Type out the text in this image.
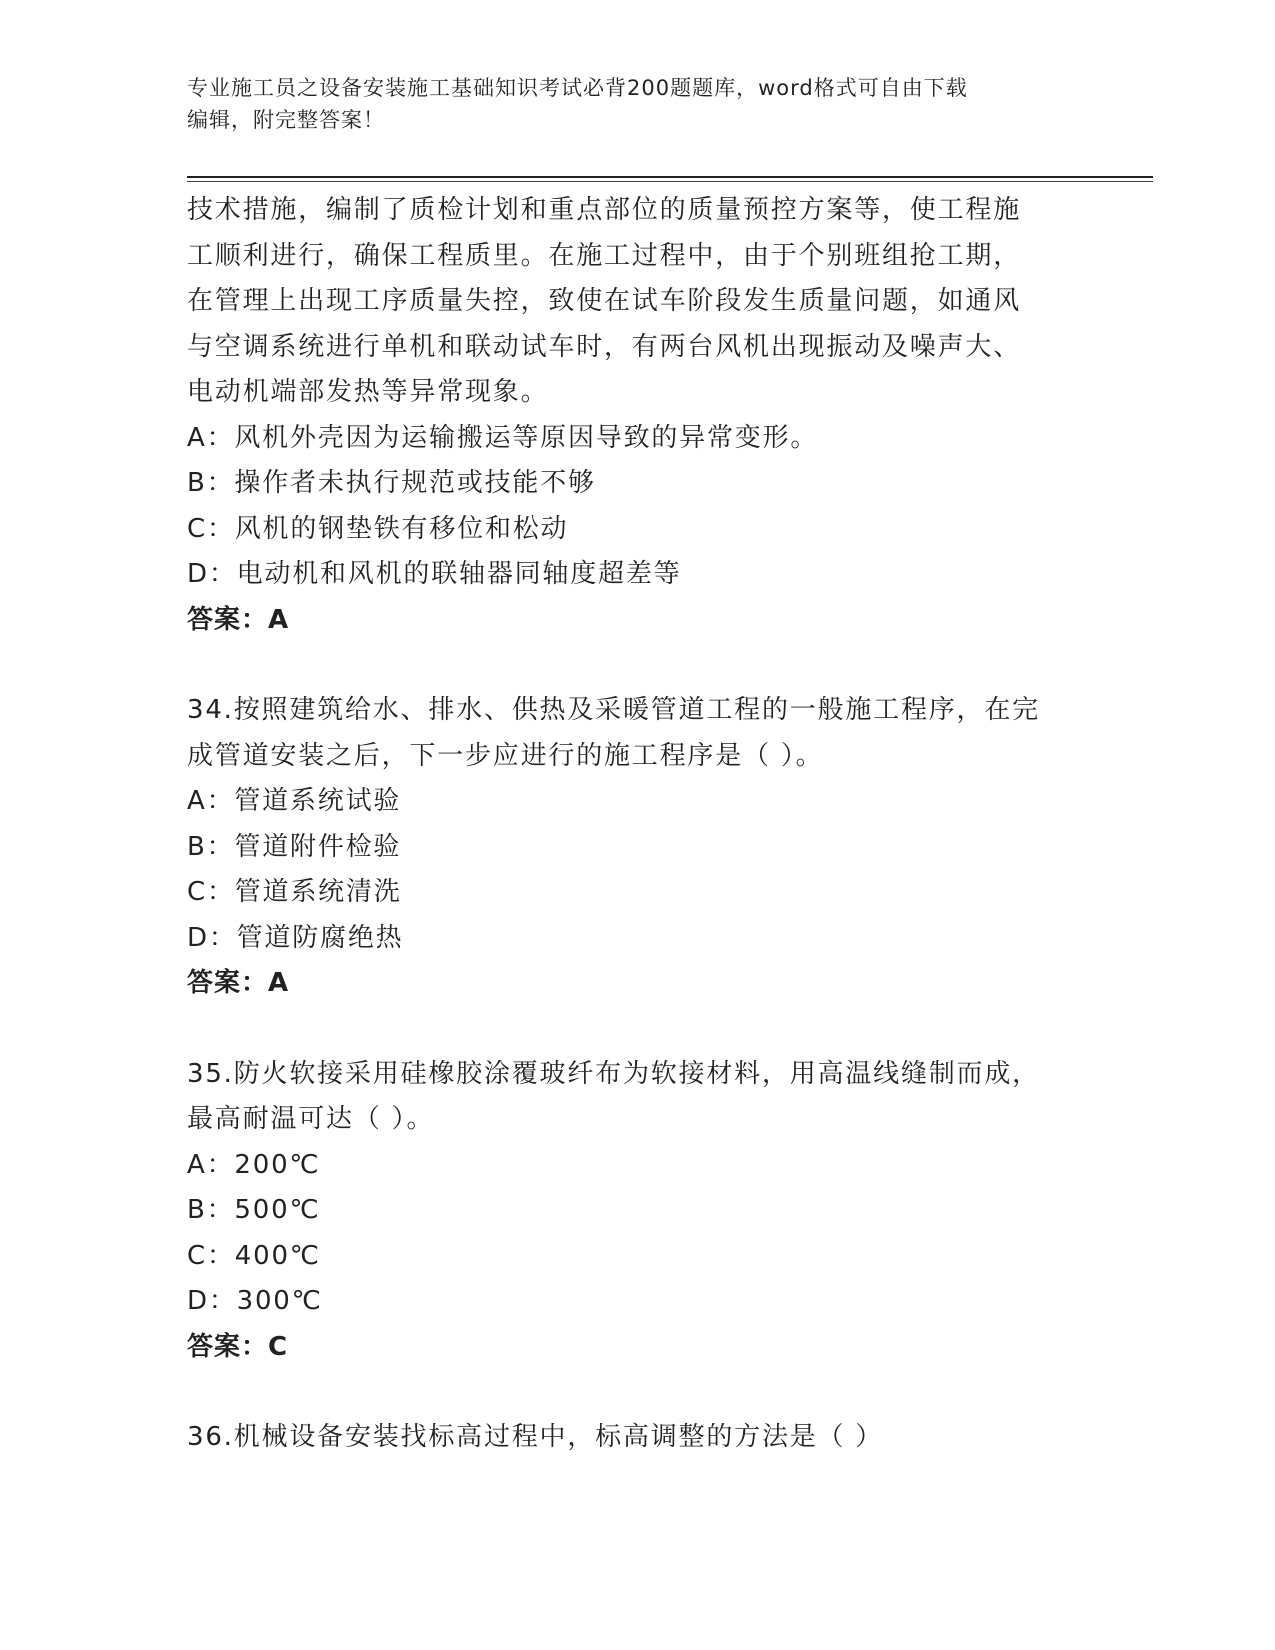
专业施工员之设备安装施工基础知识考试必背200题题库，word格式可自由下载
编辑，附完整答案！
技术措施，编制了质检计划和重点部位的质量预控方案等，使工程施
工顺利进行，确保工程质里。在施工过程中，由于个别班组抢工期，
在管理上出现工序质量失控，致使在试车阶段发生质量问题，如通风
与空调系统进行单机和联动试车时，有两台风机出现振动及噪声大、
电动机端部发热等异常现象。
A：风机外壳因为运输搬运等原因导致的异常变形。
B：操作者未执行规范或技能不够
C：风机的钢垫铁有移位和松动
D：电动机和风机的联轴器同轴度超差等
答案：A
34.按照建筑给水、排水、供热及采暖管道工程的一般施工程序，在完
成管道安装之后，下一步应进行的施工程序是（ ）。
A：管道系统试验
B：管道附件检验
C：管道系统清洗
D：管道防腐绝热
答案：A
35.防火软接采用硅橡胶涂覆玻纤布为软接材料，用高温线缝制而成，
最高耐温可达（ ）。
A：200℃
B：500℃
C：400℃
D：300℃
答案：C
36.机械设备安装找标高过程中，标高调整的方法是（ ）
